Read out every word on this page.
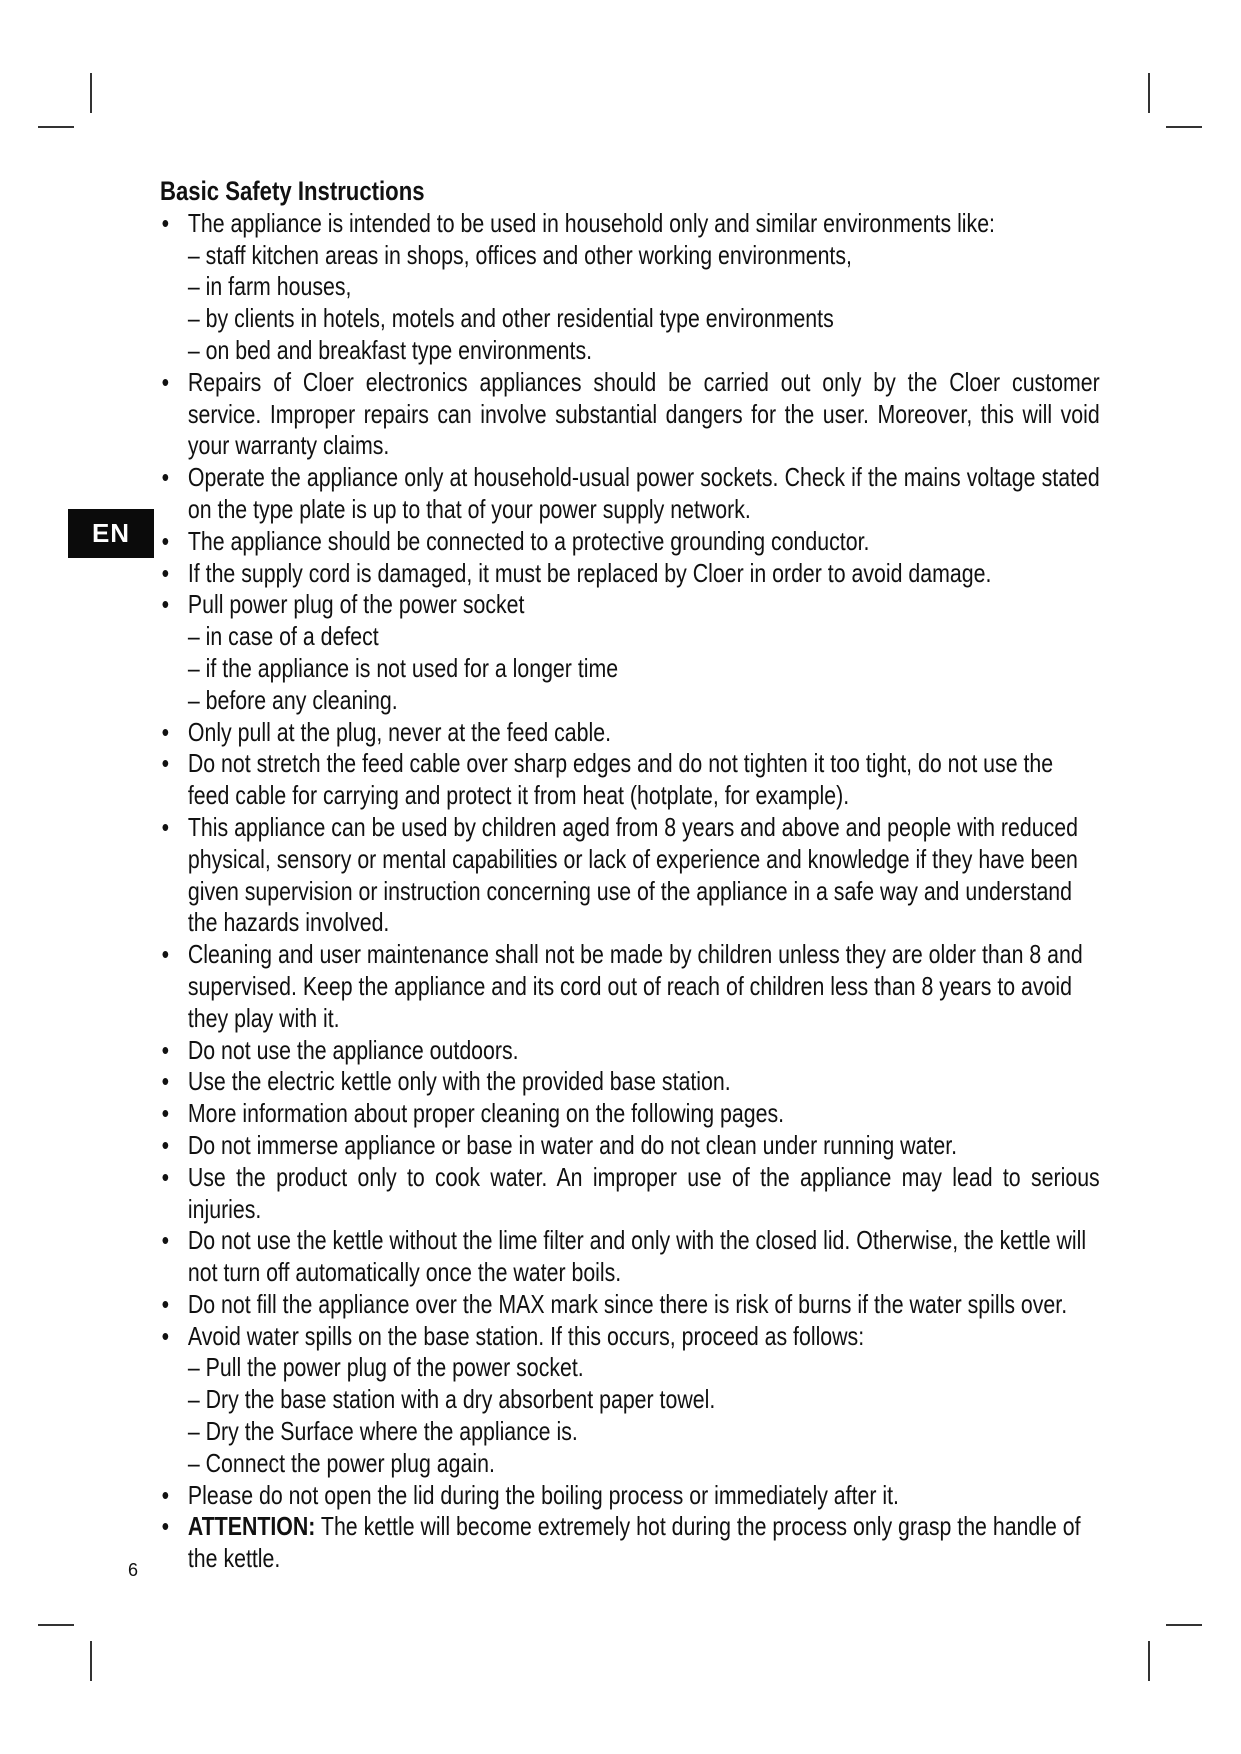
EN
6
Basic Safety Instructions
• The appliance is intended to be used in household only and similar environments like:
– staff kitchen areas in shops, offices and other working environments,
– in farm houses,
– by clients in hotels, motels and other residential type environments
– on bed and breakfast type environments.
• Repairs of Cloer electronics appliances should be carried out only by the Cloer customer service. Improper repairs can involve substantial dangers for the user. Moreover, this will void your warranty claims.
• Operate the appliance only at household-usual power sockets. Check if the mains voltage stated on the type plate is up to that of your power supply network.
• The appliance should be connected to a protective grounding conductor.
• If the supply cord is damaged, it must be replaced by Cloer in order to avoid damage.
• Pull power plug of the power socket
– in case of a defect
– if the appliance is not used for a longer time
– before any cleaning.
• Only pull at the plug, never at the feed cable.
• Do not stretch the feed cable over sharp edges and do not tighten it too tight, do not use the feed cable for carrying and protect it from heat (hotplate, for example).
• This appliance can be used by children aged from 8 years and above and people with reduced physical, sensory or mental capabilities or lack of experience and knowledge if they have been given supervision or instruction concerning use of the appliance in a safe way and understand the hazards involved.
• Cleaning and user maintenance shall not be made by children unless they are older than 8 and supervised. Keep the appliance and its cord out of reach of children less than 8 years to avoid they play with it.
• Do not use the appliance outdoors.
• Use the electric kettle only with the provided base station.
• More information about proper cleaning on the following pages.
• Do not immerse appliance or base in water and do not clean under running water.
• Use the product only to cook water. An improper use of the appliance may lead to serious injuries.
• Do not use the kettle without the lime filter and only with the closed lid. Otherwise, the kettle will not turn off automatically once the water boils.
• Do not fill the appliance over the MAX mark since there is risk of burns if the water spills over.
• Avoid water spills on the base station. If this occurs, proceed as follows:
– Pull the power plug of the power socket.
– Dry the base station with a dry absorbent paper towel.
– Dry the Surface where the appliance is.
– Connect the power plug again.
• Please do not open the lid during the boiling process or immediately after it.
• ATTENTION: The kettle will become extremely hot during the process only grasp the handle of the kettle.
